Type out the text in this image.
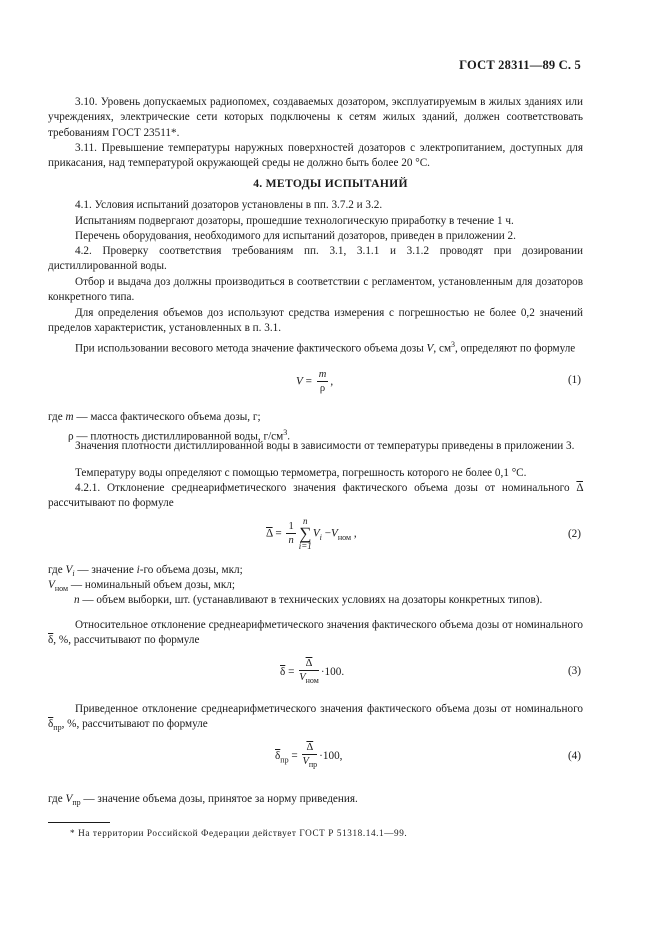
ГОСТ 28311—89 С. 5
3.10. Уровень допускаемых радиопомех, создаваемых дозатором, эксплуатируемым в жилых зданиях или учреждениях, электрические сети которых подключены к сетям жилых зданий, должен соответствовать требованиям ГОСТ 23511*.
3.11. Превышение температуры наружных поверхностей дозаторов с электропитанием, доступных для прикасания, над температурой окружающей среды не должно быть более 20 °С.
4. МЕТОДЫ ИСПЫТАНИЙ
4.1. Условия испытаний дозаторов установлены в пп. 3.7.2 и 3.2.
Испытаниям подвергают дозаторы, прошедшие технологическую приработку в течение 1 ч.
Перечень оборудования, необходимого для испытаний дозаторов, приведен в приложении 2.
4.2. Проверку соответствия требованиям пп. 3.1, 3.1.1 и 3.1.2 проводят при дозировании дистиллированной воды.
Отбор и выдача доз должны производиться в соответствии с регламентом, установленным для дозаторов конкретного типа.
Для определения объемов доз используют средства измерения с погрешностью не более 0,2 значений пределов характеристик, установленных в п. 3.1.
При использовании весового метода значение фактического объема дозы V, $см^3$, определяют по формуле
$V = \frac{m}{\rho}$ ,	(1)
где m — масса фактического объема дозы, г;
ρ — плотность дистиллированной воды, $г/см^3$.
Значения плотности дистиллированной воды в зависимости от температуры приведены в приложении 3.
Температуру воды определяют с помощью термометра, погрешность которого не более 0,1 °С.
4.2.1. Отклонение среднеарифметического значения фактического объема дозы от номинального $\overline{\Delta}$ рассчитывают по формуле
$\overline{\Delta} = \frac{1}{n}$ n
∑
$i=1V_i -V_{ном}$ ,	(2)
где $V_i$ — значение i-го объема дозы, мкл;
$V_{ном}$ — номинальный объем дозы, мкл;
n — объем выборки, шт. (устанавливают в технических условиях на дозаторы конкретных типов).
Относительное отклонение среднеарифметического значения фактического объема дозы от номинального $\overline{\delta}$, %, рассчитывают по формуле
$\overline{\delta} = \frac{\overline{\Delta}}{V_{ном}} \cdot 100$.	(3)
Приведенное отклонение среднеарифметического значения фактического объема дозы от номинального $\overline{\delta}_{пр}$, %, рассчитывают по формуле
$\overline{\delta}_{пр} = \frac{\overline{\Delta}}{V_{пр}} \cdot 100$,	(4)
где $V_{пр}$ — значение объема дозы, принятое за норму приведения.
* На территории Российской Федерации действует ГОСТ Р 51318.14.1—99.
